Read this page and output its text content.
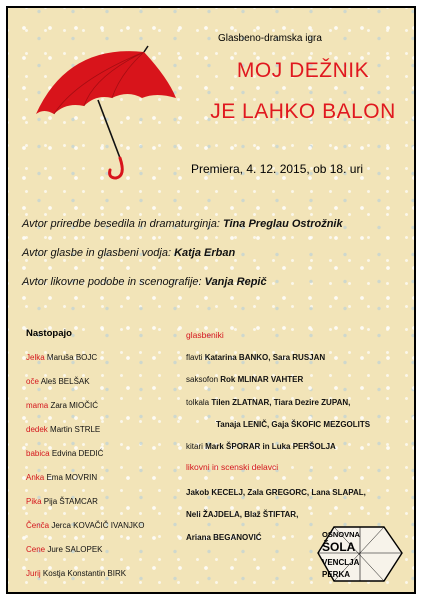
Glasbeno-dramska igra
MOJ DEŽNIK
JE LAHKO BALON
Premiera, 4. 12. 2015, ob 18. uri
Avtor priredbe besedila in dramaturginja: Tina Preglau Ostrožnik
Avtor glasbe in glasbeni vodja: Katja Erban
Avtor likovne podobe in scenografije: Vanja Repič
Nastopajo
Jelka Maruša BOJC
oče Aleš BELŠAK
mama Zara MIOČIĆ
dedek Martin STRLE
babica Edvina DEDIĆ
Anka Ema MOVRIN
Pika Pija ŠTAMCAR
Čenča Jerca KOVAČIČ IVANJKO
Cene Jure SALOPEK
Jurij Kostja Konstantin BIRK
glasbeniki
flavti Katarina BANKO, Sara RUSJAN
saksofon Rok MLINAR VAHTER
tolkala Tilen ZLATNAR, Tiara Dezire ZUPAN,
Tanaja LENIČ, Gaja ŠKOFIC MEZGOLITS
kitari Mark ŠPORAR in Luka PERŠOLJA
likovni in scenski delavci
Jakob KECELJ, Zala GREGORC, Lana SLAPAL,
Neli ŽAJDELA, Blaž ŠTIFTAR,
Ariana BEGANOVIĆ	OSNOVNA
ŠOLA
VENCLJA
PERKA
